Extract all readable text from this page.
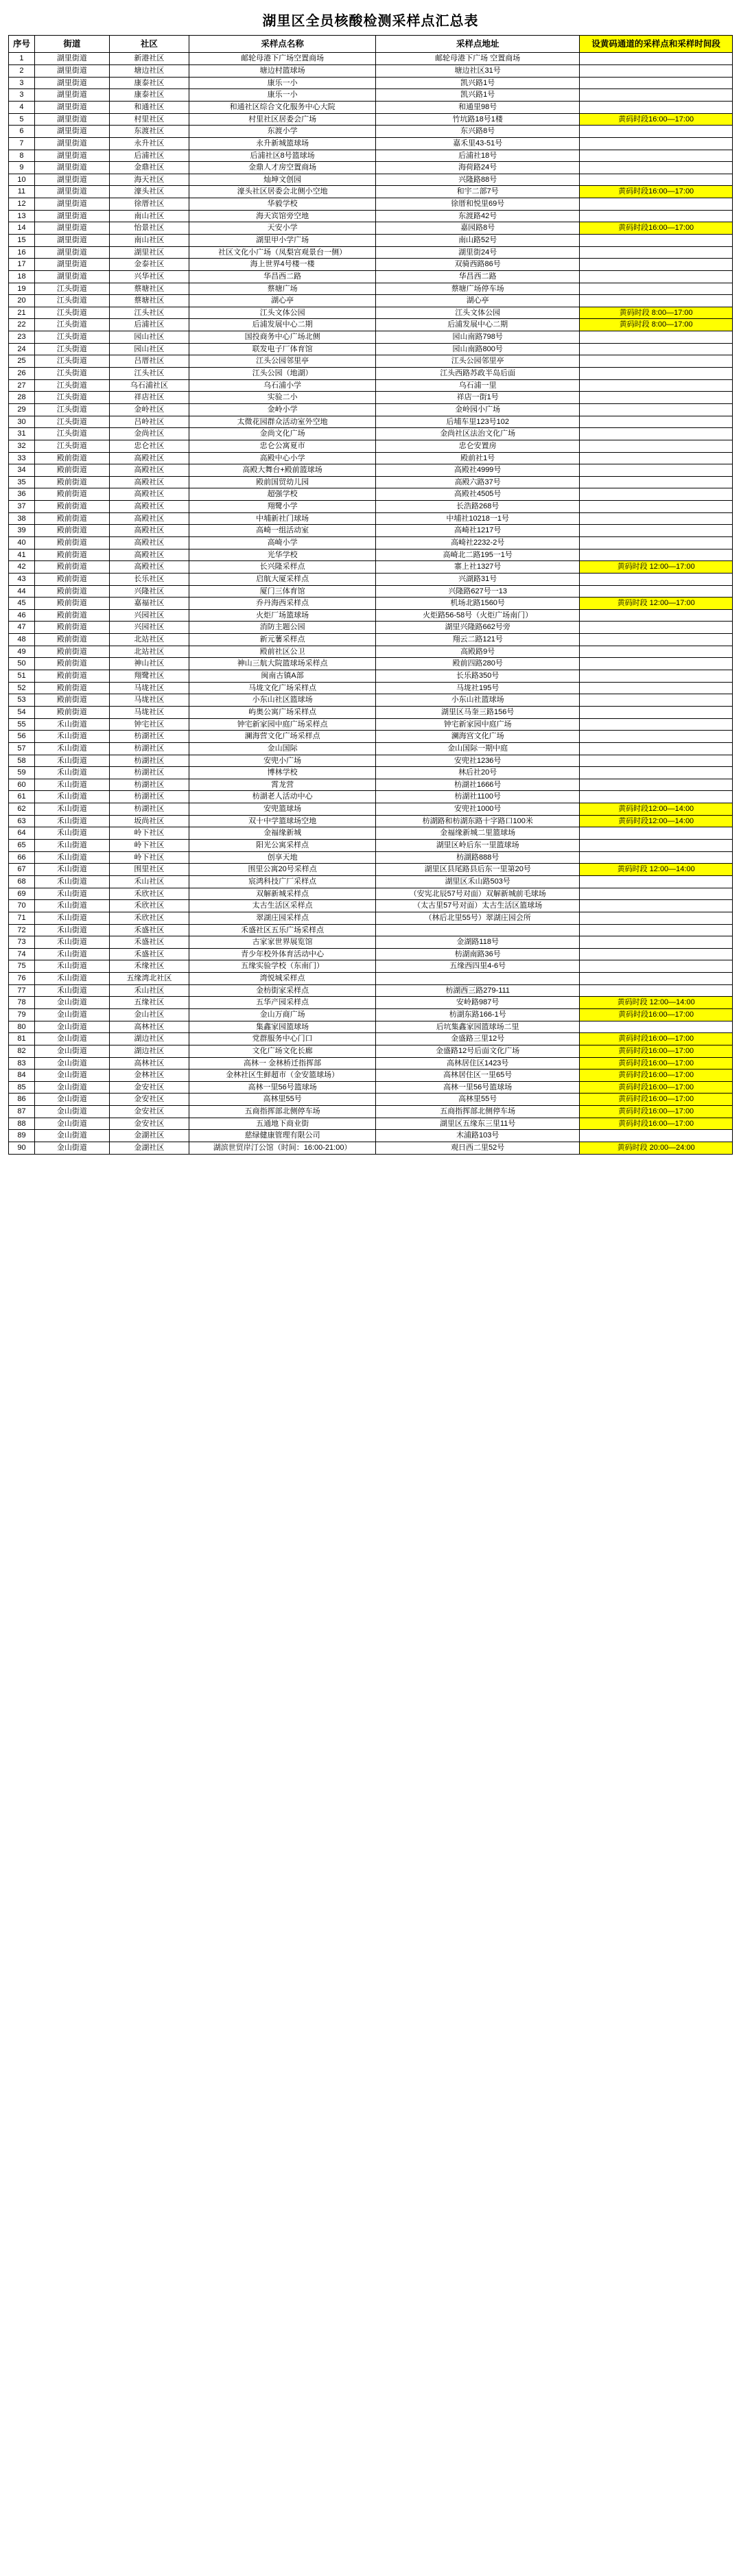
湖里区全员核酸检测采样点汇总表
序号	街道	社区	采样点名称	采样点地址	设黄码通道的采样点和采样时间段
1	湖里街道	新港社区	邮轮母港下广场空置商场	邮轮母港下广场 空置商场	
2	湖里街道	塘边社区	塘边村篮球场	塘边社区31号	
3	湖里街道	康泰社区	康乐一小	凯兴路1号	
3	湖里街道	康泰社区	康乐一小	凯兴路1号	
4	湖里街道	和通社区	和通社区综合文化服务中心大院	和通里98号	
5	湖里街道	村里社区	村里社区居委会广场	竹坑路18号1楼	黄码时段16:00—17:00
6	湖里街道	东渡社区	东渡小学	东兴路8号	
7	湖里街道	永升社区	永升新城篮球场	嘉禾里43-51号	
8	湖里街道	后浦社区	后浦社区8号篮球场	后浦社18号	
9	湖里街道	金鼎社区	金鼎人才房空置商场	海荷路24号	
10	湖里街道	海天社区	灿坤文创园	兴隆路88号	
11	湖里街道	濠头社区	濠头社区居委会北侧小空地	和宇二部7号	黄码时段16:00—17:00
12	湖里街道	徐厝社区	华毅学校	徐厝和悦里69号	
13	湖里街道	南山社区	海天宾馆旁空地	东渡路42号	
14	湖里街道	怡景社区	天安小学	嘉园路8号	黄码时段16:00—17:00
15	湖里街道	南山社区	湖里甲小学广场	南山路52号	
16	湖里街道	湖里社区	社区文化小广场（凤梨宫观景台一侧）	湖里街24号	
17	湖里街道	金泰社区	海上世界4号楼一楼	双骑西路86号	
18	湖里街道	兴华社区	华昌西二路	华昌西二路	
19	江头街道	蔡塘社区	蔡塘广场	蔡塘广场停车场	
20	江头街道	蔡塘社区	湖心亭	湖心亭	
21	江头街道	江头社区	江头文体公园	江头文体公园	黄码时段 8:00—17:00
22	江头街道	后浦社区	后浦发展中心二期	后浦发展中心二期	黄码时段 8:00—17:00
23	江头街道	园山社区	国投商务中心广场北侧	园山南路798号	
24	江头街道	园山社区	联发电子厂体育馆	园山南路800号	
25	江头街道	吕厝社区	江头公园邻里亭	江头公园邻里亭	
26	江头街道	江头社区	江头公园（地湖）	江头西路苏政半岛后面	
27	江头街道	乌石浦社区	乌石浦小学	乌石浦一里	
28	江头街道	祥店社区	实验二小	祥店一街1号	
29	江头街道	金岭社区	金岭小学	金岭园小广场	
30	江头街道	吕岭社区	太微花园群众活动室外空地	后埔车里123号102	
31	江头街道	金尚社区	金尚文化广场	金尚社区法治文化广场	
32	江头街道	忠仑社区	忠仑公寓夏市	忠仑安置房	
33	殿前街道	高殿社区	高殿中心小学	殿前社1号	
34	殿前街道	高殿社区	高殿大舞台+殿前篮球场	高殿社4999号	
35	殿前街道	高殿社区	殿前国贸幼儿园	高殿六路37号	
36	殿前街道	高殿社区	超强学校	高殿社4505号	
37	殿前街道	高殿社区	翔鹭小学	长浩路268号	
38	殿前街道	高殿社区	中埔新社门球场	中埔社10218一1号	
39	殿前街道	高殿社区	高崎一组活动室	高崎社1217号	
40	殿前街道	高殿社区	高崎小学	高崎社2232-2号	
41	殿前街道	高殿社区	光华学校	高崎北二路195一1号	
42	殿前街道	高殿社区	长兴隆采样点	寨上社1327号	黄码时段 12:00—17:00
43	殿前街道	长乐社区	启航大厦采样点	兴湖路31号	
44	殿前街道	兴隆社区	厦门三体育馆	兴隆路627号一13	
45	殿前街道	嘉福社区	乔丹海西采样点	机场北路1560号	黄码时段 12:00—17:00
46	殿前街道	兴园社区	火炬厂场篮球场	火炬路56-58号（火炬广场南门）	
47	殿前街道	兴园社区	消防主题公园	湖里兴隆路662号旁	
48	殿前街道	北站社区	新元薯采样点	翔云二路121号	
49	殿前街道	北站社区	殿前社区公卫	高殿路9号	
50	殿前街道	神山社区	神山三航大院篮球场采样点	殿前四路280号	
51	殿前街道	翔鹭社区	闽南古镇A部	长乐路350号	
52	殿前街道	马垅社区	马垅文化广场采样点	马垅社195号	
53	殿前街道	马垅社区	小东山社区篮球场	小东山社篮球场	
54	殿前街道	马垅社区	屿奥公寓广场采样点	湖里区马奎三路156号	
55	禾山街道	钟宅社区	钟宅新家园中庭广场采样点	钟宅新家园中庭广场	
56	禾山街道	枋湖社区	澜海营文化广场采样点	澜海宫文化广场	
57	禾山街道	枋湖社区	金山国际	金山国际一期中庭	
58	禾山街道	枋湖社区	安兜小广场	安兜社1236号	
59	禾山街道	枋湖社区	博林学校	林后社20号	
60	禾山街道	枋湖社区	霄龙营	枋湖社1666号	
61	禾山街道	枋湖社区	枋湖老人活动中心	枋湖社1100号	
62	禾山街道	枋湖社区	安兜篮球场	安兜社1000号	黄码时段12:00—14:00
63	禾山街道	坂尚社区	双十中学篮球场空地	枋湖路和枋湖东路十字路口100米	黄码时段12:00—14:00
64	禾山街道	岭下社区	金福缘新城	金福缘新城二里篮球场	
65	禾山街道	岭下社区	阳光公寓采样点	湖里区岭后东一里篮球场	
66	禾山街道	岭下社区	创享天地	枋湖路888号	
67	禾山街道	围里社区	围里公寓20号采样点	湖里区县尾路县后东一里第20号	黄码时段 12:00—14:00
68	禾山街道	禾山社区	宸鸿科技广厂采样点	湖里区禾山路503号	
69	禾山街道	禾欣社区	双解新城采样点	（安宪北辰57号对面）双解新城前毛球场	
70	禾山街道	禾欣社区	太古生活区采样点	（太古里57号对面）太古生活区篮球场	
71	禾山街道	禾欣社区	翠湖庄园采样点	（林后北里55号）翠湖庄园会所	
72	禾山街道	禾盛社区	禾盛社区五乐广场采样点		
73	禾山街道	禾盛社区	古家家世界展览馆	金湖路118号	
74	禾山街道	禾盛社区	青少年校外体育活动中心	枋湖南路36号	
75	禾山街道	禾缘社区	五缘实验学校（东南门）	五缘西四里4-6号	
76	禾山街道	五缘湾北社区	湾悦城采样点		
77	禾山街道	禾山社区	金枋街家采样点	枋湖西三路279-111	
78	金山街道	五缘社区	五华产园采样点	安岭路987号	黄码时段 12:00—14:00
79	金山街道	金山社区	金山万商广场	枋湖东路166-1号	黄码时段16:00—17:00
80	金山街道	高林社区	集鑫家园篮球场	后坑集鑫家园篮球场二里	
81	金山街道	湖边社区	党群服务中心门口	金盛路三里12号	黄码时段16:00—17:00
82	金山街道	湖边社区	文化广场文化长廊	金盛路12号后面文化广场	黄码时段16:00—17:00
83	金山街道	高林社区	高林一 金林桥迁指挥部	高林居住区1423号	黄码时段16:00—17:00
84	金山街道	金林社区	金林社区生鲜超市（金安篮球场）	高林居住区一里65号	黄码时段16:00—17:00
85	金山街道	金安社区	高林一里56号篮球场	高林一里56号篮球场	黄码时段16:00—17:00
86	金山街道	金安社区	高林里55号	高林里55号	黄码时段16:00—17:00
87	金山街道	金安社区	五商指挥部北侧停车场	五商指挥部北侧停车场	黄码时段16:00—17:00
88	金山街道	金安社区	五通地下商业街	湖里区五缘东三里11号	黄码时段16:00—17:00
89	金山街道	金湖社区	慈绿健康管理有限公司	木浦路103号	
90	金山街道	金湖社区	湖滨世贸岸汀公馆（时间：16:00-21:00）	观日西二里52号	黄码时段 20:00—24:00
